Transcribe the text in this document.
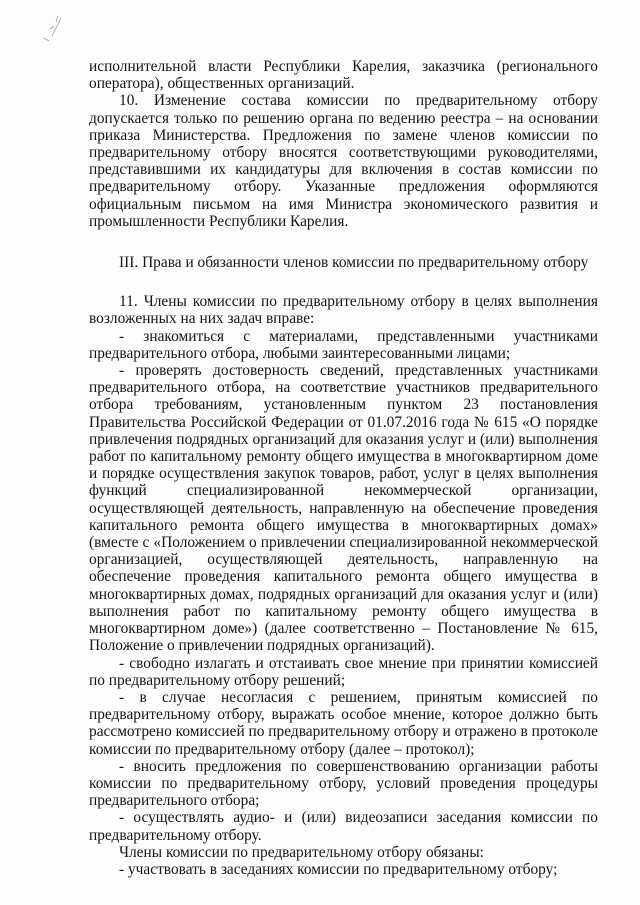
исполнительной власти Республики Карелия, заказчика (регионального оператора), общественных организаций.

10. Изменение состава комиссии по предварительному отбору допускается только по решению органа по ведению реестра – на основании приказа Министерства. Предложения по замене членов комиссии по предварительному отбору вносятся соответствующими руководителями, представившими их кандидатуры для включения в состав комиссии по предварительному отбору. Указанные предложения оформляются официальным письмом на имя Министра экономического развития и промышленности Республики Карелия.

III. Права и обязанности членов комиссии по предварительному отбору

11. Члены комиссии по предварительному отбору в целях выполнения возложенных на них задач вправе:

- знакомиться с материалами, представленными участниками предварительного отбора, любыми заинтересованными лицами;

- проверять достоверность сведений, представленных участниками предварительного отбора, на соответствие участников предварительного отбора требованиям, установленным пунктом 23 постановления Правительства Российской Федерации от 01.07.2016 года № 615 «О порядке привлечения подрядных организаций для оказания услуг и (или) выполнения работ по капитальному ремонту общего имущества в многоквартирном доме и порядке осуществления закупок товаров, работ, услуг в целях выполнения функций специализированной некоммерческой организации, осуществляющей деятельность, направленную на обеспечение проведения капитального ремонта общего имущества в многоквартирных домах» (вместе с «Положением о привлечении специализированной некоммерческой организацией, осуществляющей деятельность, направленную на обеспечение проведения капитального ремонта общего имущества в многоквартирных домах, подрядных организаций для оказания услуг и (или) выполнения работ по капитальному ремонту общего имущества в многоквартирном доме») (далее соответственно – Постановление № 615, Положение о привлечении подрядных организаций).

- свободно излагать и отстаивать свое мнение при принятии комиссией по предварительному отбору решений;

- в случае несогласия с решением, принятым комиссией по предварительному отбору, выражать особое мнение, которое должно быть рассмотрено комиссией по предварительному отбору и отражено в протоколе комиссии по предварительному отбору (далее – протокол);

- вносить предложения по совершенствованию организации работы комиссии по предварительному отбору, условий проведения процедуры предварительного отбора;

- осуществлять аудио- и (или) видеозаписи заседания комиссии по предварительному отбору.

Члены комиссии по предварительному отбору обязаны:

- участвовать в заседаниях комиссии по предварительному отбору;
